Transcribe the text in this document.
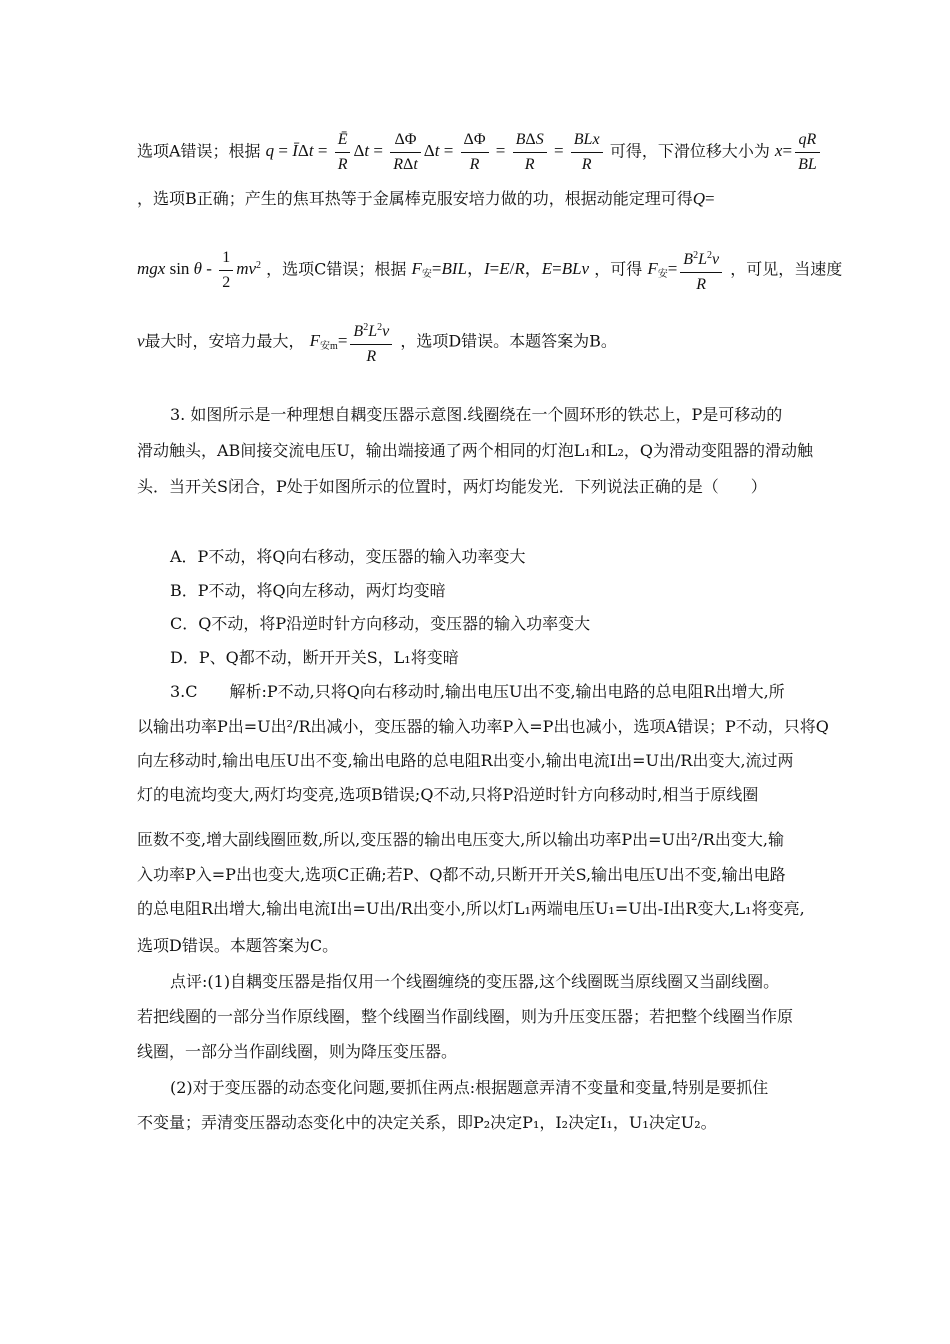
选项A错误；根据 q = ĪΔt = $\frac{Ē}{R}$ $\Delta t = \frac{\Delta\Phi}{\text{RΔt}}$ $\Delta t = \frac{\Delta\Phi}{R} = \frac{\text{BΔS}}{R} = \frac{\text{BLx}}{R}$ 可得，下滑位移大小为 $x= \frac{qR}{BL}$
，选项B正确；产生的焦耳热等于金属棒克服安培力做的功，根据动能定理可得Q=
mgx sin θ - $\frac{1}{2} mv^2$ ，选项C错误；根据 $F_安=BIL$，I=E/R，E=BLv ，可得 $F_安= \frac{B^2L^2v}{R}$ ，可见，当速度
v最大时，安培力最大， $F_{安m}= \frac{B^2L^2v}{R}$ ，选项D错误。本题答案为B。
3. 如图所示是一种理想自耦变压器示意图.线圈绕在一个圆环形的铁芯上，P是可移动的
滑动触头，AB间接交流电压U，输出端接通了两个相同的灯泡L₁和L₂，Q为滑动变阻器的滑动触
头．当开关S闭合，P处于如图所示的位置时，两灯均能发光．下列说法正确的是（　　）
A．P不动，将Q向右移动，变压器的输入功率变大
B．P不动，将Q向左移动，两灯均变暗
C．Q不动，将P沿逆时针方向移动，变压器的输入功率变大
D．P、Q都不动，断开开关S，L₁将变暗
3.C　　解析:P不动,只将Q向右移动时,输出电压U出不变,输出电路的总电阻R出增大,所
以输出功率P出=U出²/R出减小，变压器的输入功率P入=P出也减小，选项A错误；P不动，只将Q
向左移动时,输出电压U出不变,输出电路的总电阻R出变小,输出电流I出=U出/R出变大,流过两
灯的电流均变大,两灯均变亮,选项B错误;Q不动,只将P沿逆时针方向移动时,相当于原线圈
匝数不变,增大副线圈匝数,所以,变压器的输出电压变大,所以输出功率P出=U出²/R出变大,输
入功率P入=P出也变大,选项C正确;若P、Q都不动,只断开开关S,输出电压U出不变,输出电路
的总电阻R出增大,输出电流I出=U出/R出变小,所以灯L₁两端电压U₁=U出-I出R变大,L₁将变亮,
选项D错误。本题答案为C。
点评:(1)自耦变压器是指仅用一个线圈缠绕的变压器,这个线圈既当原线圈又当副线圈。
若把线圈的一部分当作原线圈，整个线圈当作副线圈，则为升压变压器；若把整个线圈当作原
线圈，一部分当作副线圈，则为降压变压器。
(2)对于变压器的动态变化问题,要抓住两点:根据题意弄清不变量和变量,特别是要抓住
不变量；弄清变压器动态变化中的决定关系，即P₂决定P₁，I₂决定I₁，U₁决定U₂。
